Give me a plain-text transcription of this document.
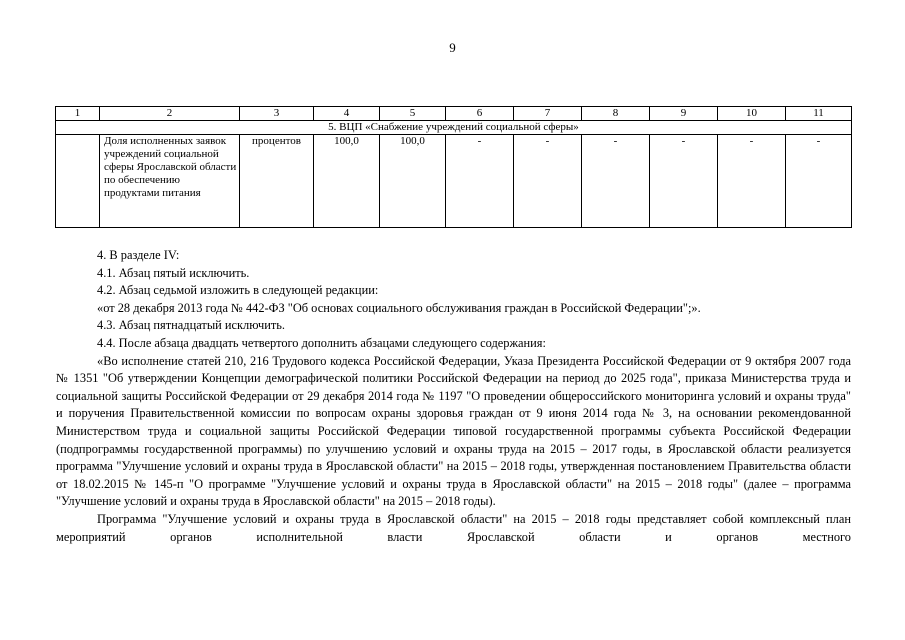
9
1	2	3	4	5	6	7	8	9	10	11
5. ВЦП «Снабжение учреждений социальной сферы»										
	Доля исполненных заявок учреждений социальной сферы Ярославской области по обеспечению продуктами питания	процентов	100,0	100,0	-	-	-	-	-	-

4. В разделе IV:

4.1. Абзац пятый исключить.

4.2. Абзац седьмой изложить в следующей редакции:

«от 28 декабря 2013 года № 442-ФЗ "Об основах социального обслуживания граждан в Российской Федерации";».

4.3. Абзац пятнадцатый исключить.

4.4. После абзаца двадцать четвертого дополнить абзацами следующего содержания:

«Во исполнение статей 210, 216 Трудового кодекса Российской Федерации, Указа Президента Российской Федерации от 9 октября 2007 года № 1351 "Об утверждении Концепции демографической политики Российской Федерации на период до 2025 года", приказа Министерства труда и социальной защиты Российской Федерации от 29 декабря 2014 года № 1197 "О проведении общероссийского мониторинга условий и охраны труда" и поручения Правительственной комиссии по вопросам охраны здоровья граждан от 9 июня 2014 года № 3, на основании рекомендованной Министерством труда и социальной защиты Российской Федерации типовой государственной программы субъекта Российской Федерации (подпрограммы государственной программы) по улучшению условий и охраны труда на 2015 – 2017 годы, в Ярославской области реализуется программа "Улучшение условий и охраны труда в Ярославской области" на 2015 – 2018 годы, утвержденная постановлением Правительства области от 18.02.2015 № 145-п "О программе "Улучшение условий и охраны труда в Ярославской области" на 2015 – 2018 годы" (далее – программа "Улучшение условий и охраны труда в Ярославской области" на 2015 – 2018 годы).

Программа "Улучшение условий и охраны труда в Ярославской области" на 2015 – 2018 годы представляет собой комплексный план мероприятий органов исполнительной власти Ярославской области и органов местного
